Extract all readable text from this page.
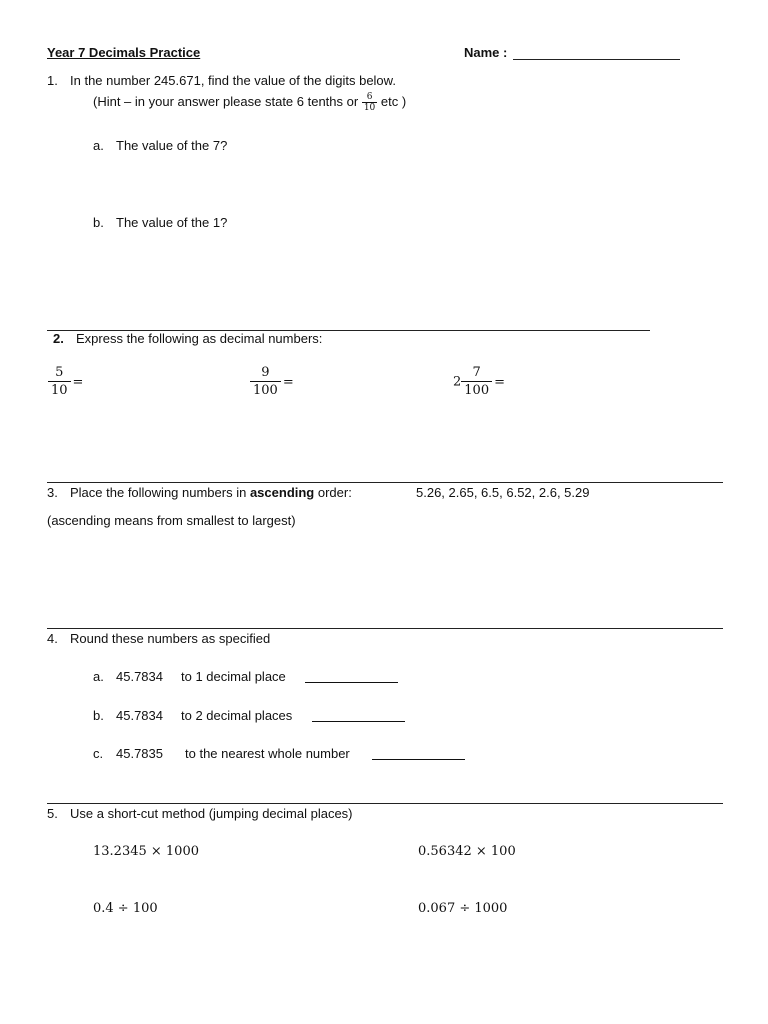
Year 7 Decimals Practice	Name :
1. In the number 245.671, find the value of the digits below.
(Hint – in your answer please state 6 tenths or $\frac{6}{10}$ etc )
a. The value of the 7?
b. The value of the 1?
2. Express the following as decimal numbers:
$\frac{5}{10}$ =	$\frac{9}{100}$ =	$2 \frac{7}{100}$ =
3. Place the following numbers in ascending order:	5.26, 2.65, 6.5, 6.52, 2.6, 5.29
(ascending means from smallest to largest)
4. Round these numbers as specified
a. 45.7834 to 1 decimal place
b. 45.7834 to 2 decimal places
c. 45.7835 to the nearest whole number
5. Use a short-cut method (jumping decimal places)
13.2345 × 1000	0.56342 × 100
0.4 ÷ 100	0.067 ÷ 1000
